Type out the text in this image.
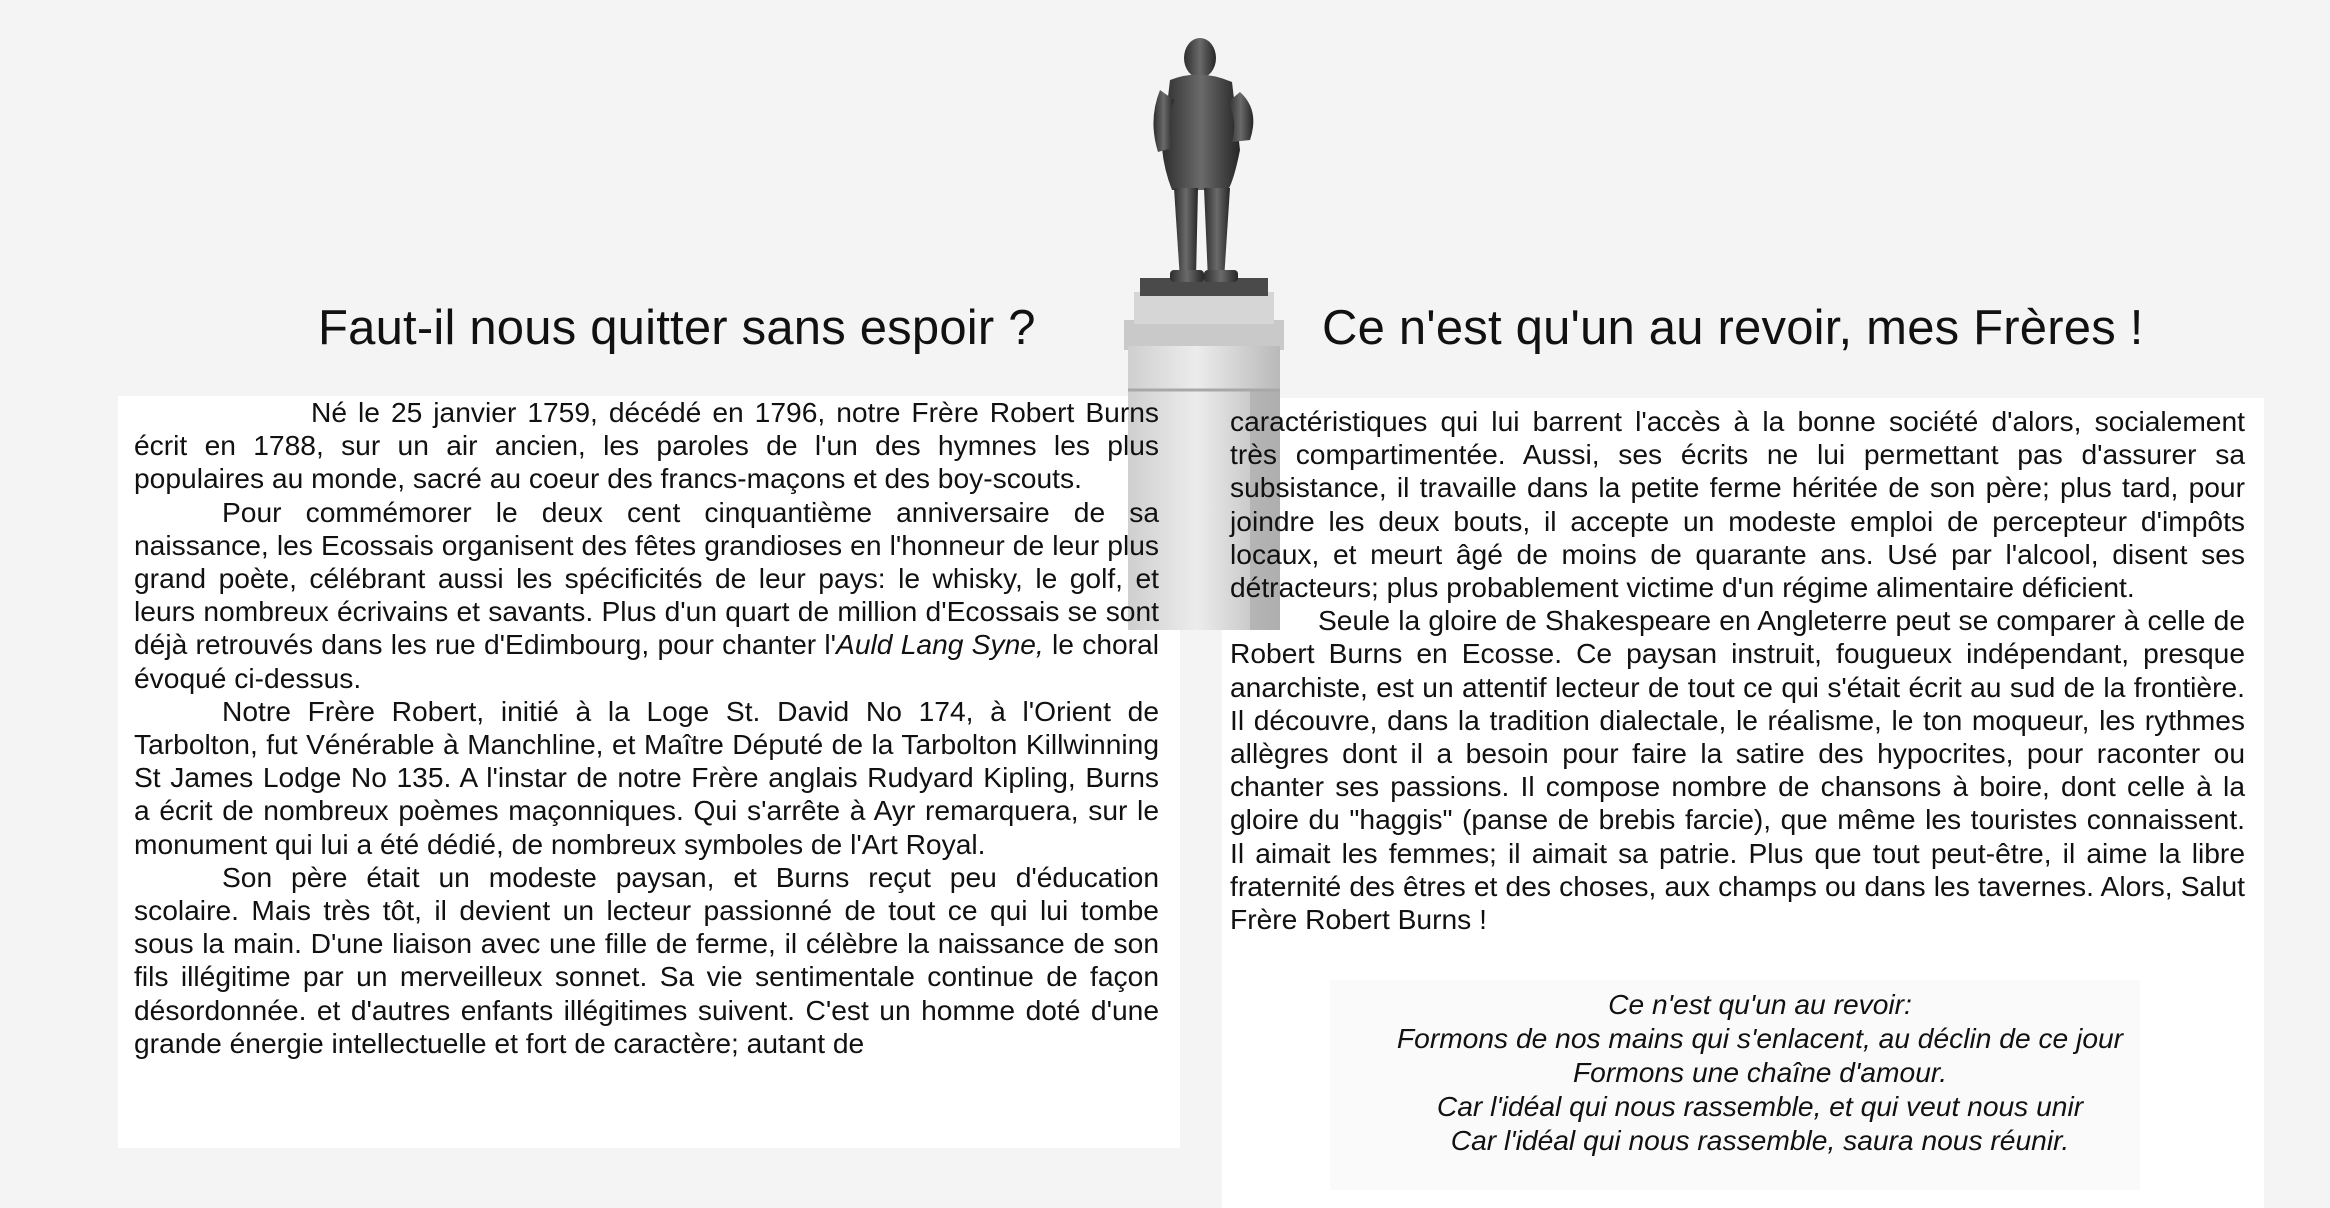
Faut-il nous quitter sans espoir ?	Ce n'est qu'un au revoir, mes Frères !

Né le 25 janvier 1759, décédé en 1796, notre Frère Robert Burns écrit en 1788, sur un air ancien, les paroles de l'un des hymnes les plus populaires au monde, sacré au coeur des francs-maçons et des boy-scouts.

Pour commémorer le deux cent cinquantième anniversaire de sa naissance, les Ecossais organisent des fêtes grandioses en l'honneur de leur plus grand poète, célébrant aussi les spécificités de leur pays: le whisky, le golf, et leurs nombreux écrivains et savants. Plus d'un quart de million d'Ecossais se sont déjà retrouvés dans les rue d'Edimbourg, pour chanter l'Auld Lang Syne, le choral évoqué ci-dessus.

Notre Frère Robert, initié à la Loge St. David No 174, à l'Orient de Tarbolton, fut Vénérable à Manchline, et Maître Député de la Tarbolton Killwinning St James Lodge No 135. A l'instar de notre Frère anglais Rudyard Kipling, Burns a écrit de nombreux poèmes maçonniques. Qui s'arrête à Ayr remarquera, sur le monument qui lui a été dédié, de nombreux symboles de l'Art Royal.

Son père était un modeste paysan, et Burns reçut peu d'éducation scolaire. Mais très tôt, il devient un lecteur passionné de tout ce qui lui tombe sous la main. D'une liaison avec une fille de ferme, il célèbre la naissance de son fils illégitime par un merveilleux sonnet. Sa vie sentimentale continue de façon désordonnée. et d'autres enfants illégitimes suivent. C'est un homme doté d'une grande énergie intellectuelle et fort de caractère; autant de

caractéristiques qui lui barrent l'accès à la bonne société d'alors, socialement très compartimentée. Aussi, ses écrits ne lui permettant pas d'assurer sa subsistance, il travaille dans la petite ferme héritée de son père; plus tard, pour joindre les deux bouts, il accepte un modeste emploi de percepteur d'impôts locaux, et meurt âgé de moins de quarante ans. Usé par l'alcool, disent ses détracteurs; plus probablement victime d'un régime alimentaire déficient.

Seule la gloire de Shakespeare en Angleterre peut se comparer à celle de Robert Burns en Ecosse. Ce paysan instruit, fougueux indépendant, presque anarchiste, est un attentif lecteur de tout ce qui s'était écrit au sud de la frontière. Il découvre, dans la tradition dialectale, le réalisme, le ton moqueur, les rythmes allègres dont il a besoin pour faire la satire des hypocrites, pour raconter ou chanter ses passions. Il compose nombre de chansons à boire, dont celle à la gloire du "haggis" (panse de brebis farcie), que même les touristes connaissent. Il aimait les femmes; il aimait sa patrie. Plus que tout peut-être, il aime la libre fraternité des êtres et des choses, aux champs ou dans les tavernes. Alors, Salut Frère Robert Burns !

Ce n'est qu'un au revoir:
Formons de nos mains qui s'enlacent, au déclin de ce jour
Formons une chaîne d'amour.
Car l'idéal qui nous rassemble, et qui veut nous unir
Car l'idéal qui nous rassemble, saura nous réunir.
